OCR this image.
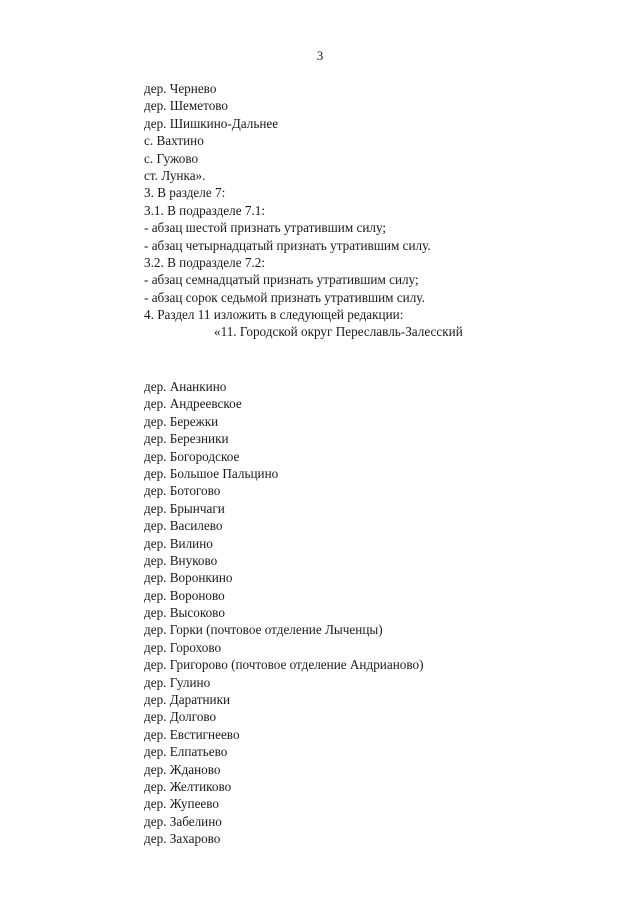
3
дер. Чернево
дер. Шеметово
дер. Шишкино-Дальнее
с. Вахтино
с. Гужово
ст. Лунка».
3. В разделе 7:
3.1. В подразделе 7.1:
- абзац шестой признать утратившим силу;
- абзац четырнадцатый признать утратившим силу.
3.2. В подразделе 7.2:
- абзац семнадцатый признать утратившим силу;
- абзац сорок седьмой признать утратившим силу.
4. Раздел 11 изложить в следующей редакции:
«11. Городской округ Переславль-Залесский
дер. Ананкино
дер. Андреевское
дер. Бережки
дер. Березники
дер. Богородское
дер. Большое Пальцино
дер. Ботогово
дер. Брынчаги
дер. Василево
дер. Вилино
дер. Внуково
дер. Воронкино
дер. Вороново
дер. Высоково
дер. Горки (почтовое отделение Лыченцы)
дер. Горохово
дер. Григорово (почтовое отделение Андрианово)
дер. Гулино
дер. Даратники
дер. Долгово
дер. Евстигнеево
дер. Елпатьево
дер. Жданово
дер. Желтиково
дер. Жупеево
дер. Забелино
дер. Захарово
